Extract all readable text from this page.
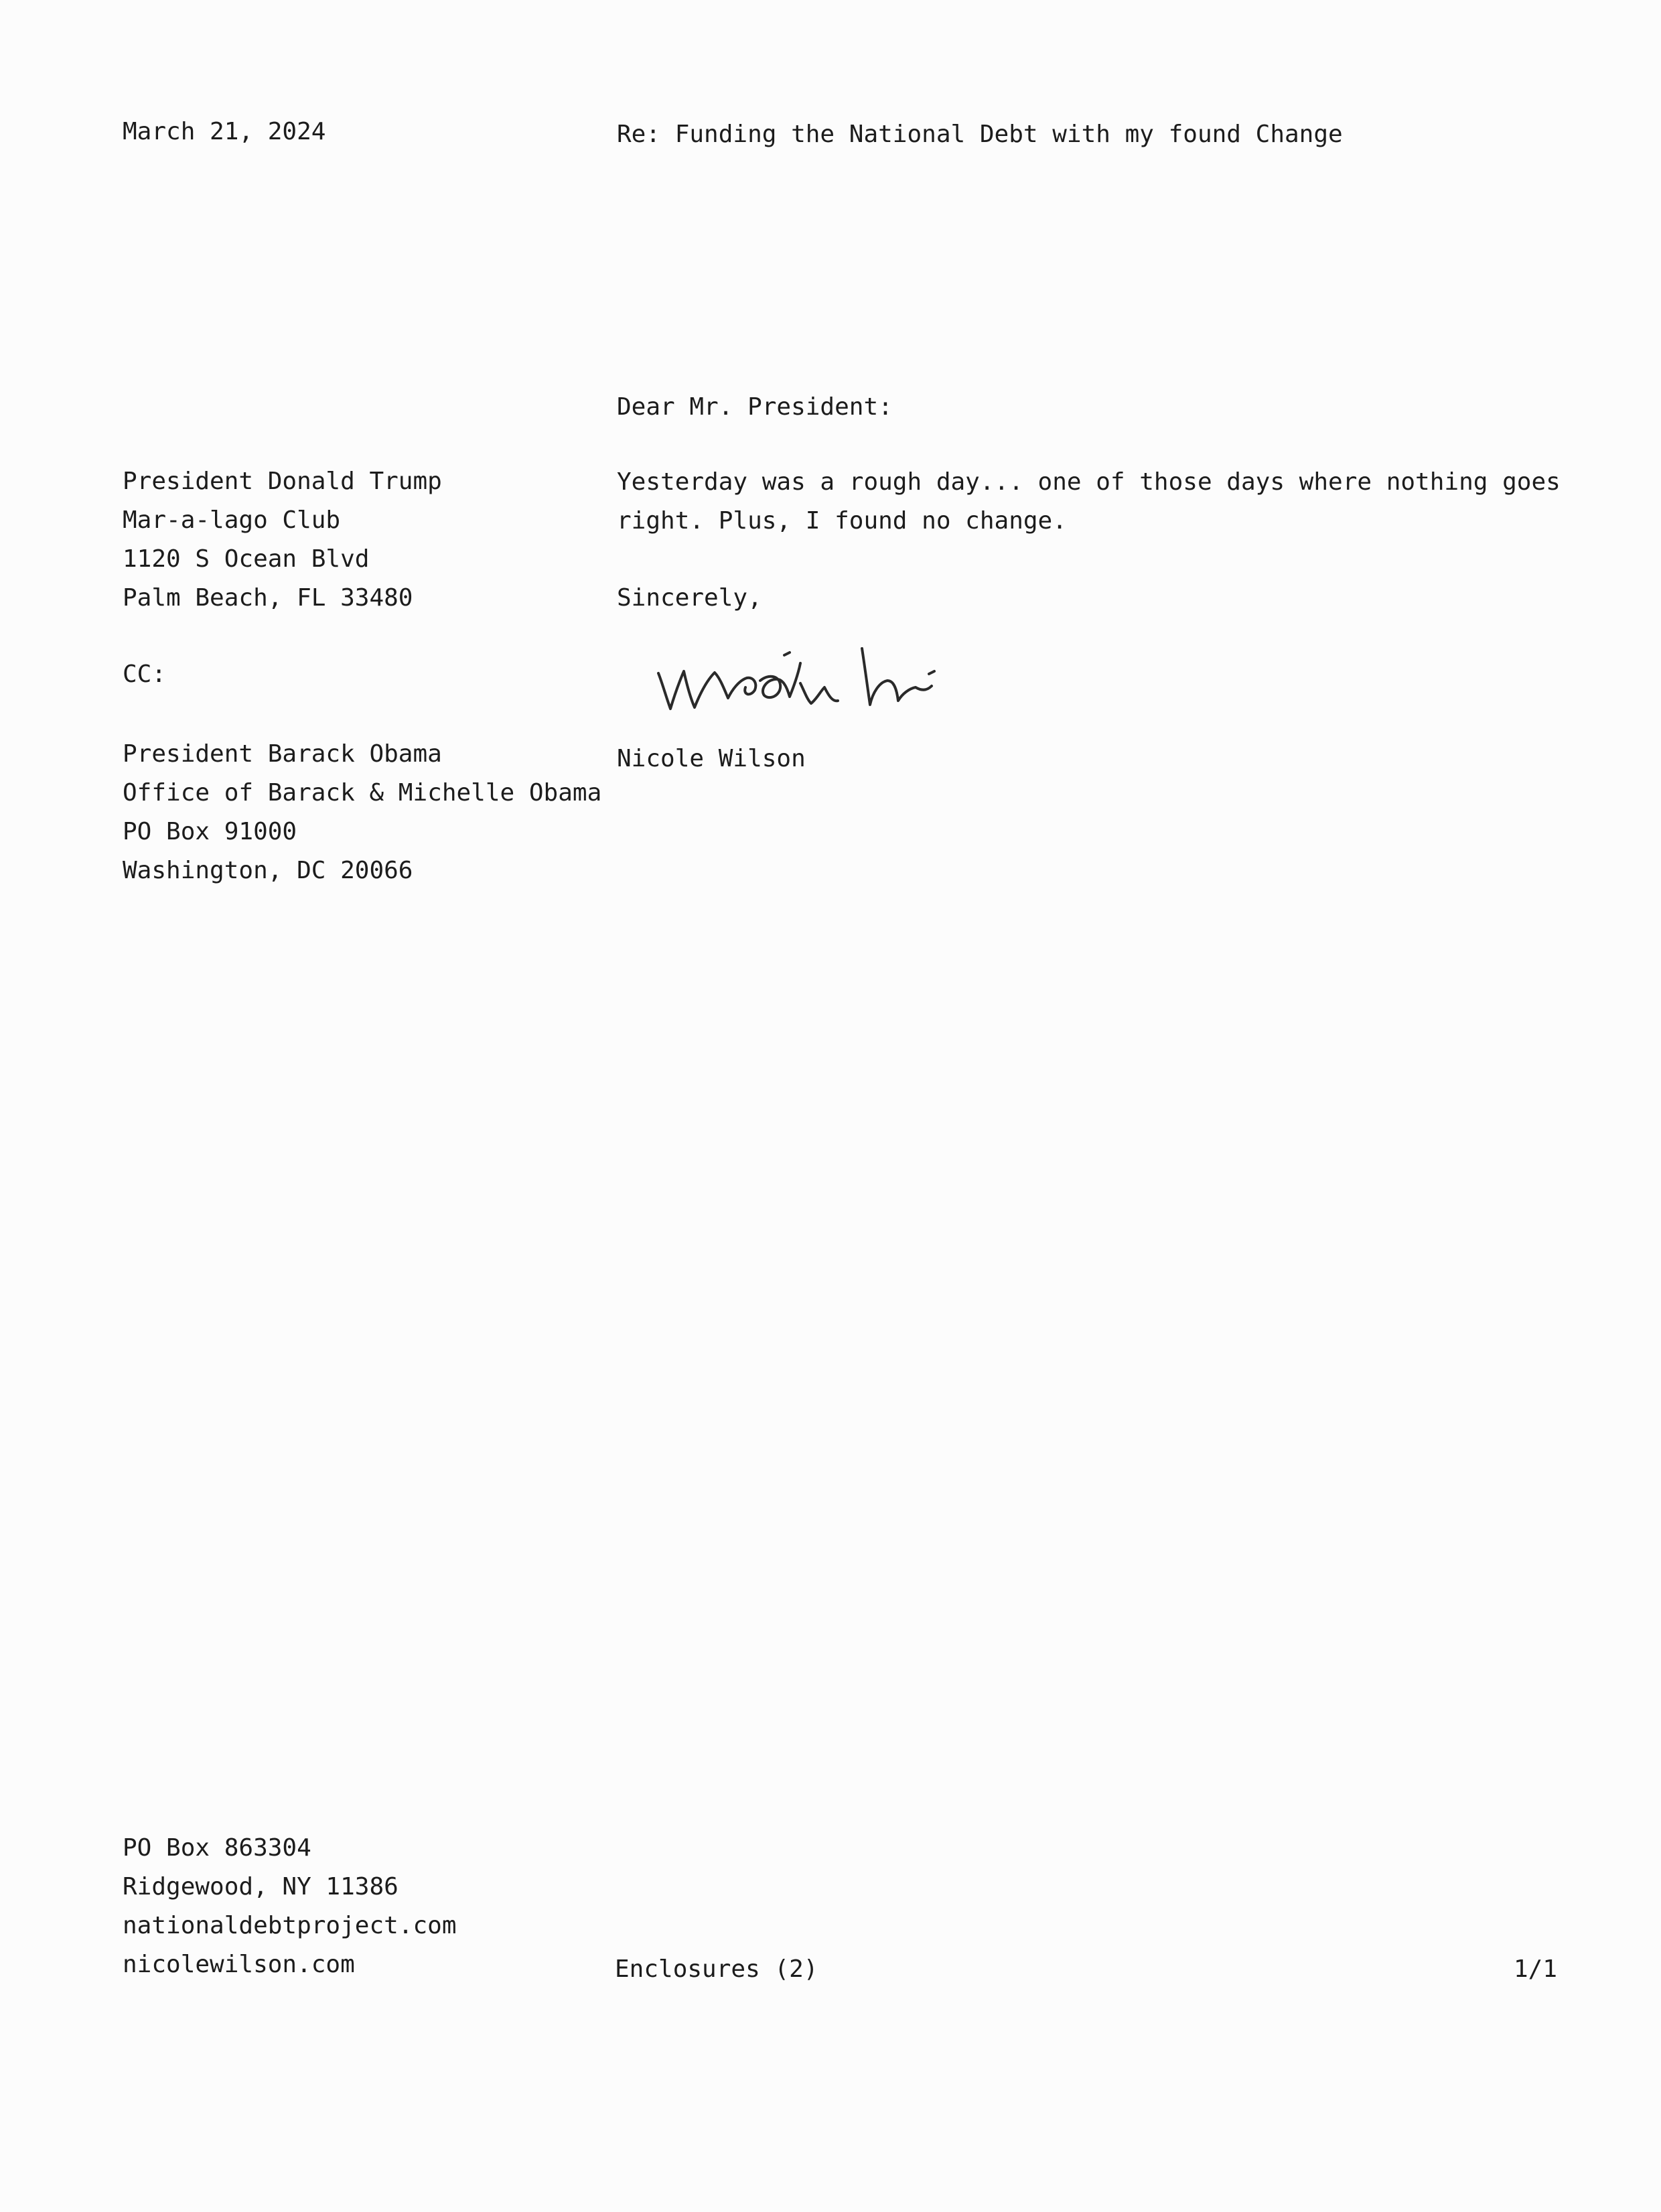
March 21, 2024	Re: Funding the National Debt with my found Change
Dear Mr. President:
President Donald Trump
Mar-a-lago Club
1120 S Ocean Blvd
Palm Beach, FL 33480
Yesterday was a rough day... one of those days where nothing goes
right. Plus, I found no change.
Sincerely,
CC:
President Barack Obama
Office of Barack & Michelle Obama
PO Box 91000
Washington, DC 20066
Nicole Wilson
PO Box 863304
Ridgewood, NY 11386
nationaldebtproject.com
nicolewilson.com	Enclosures (2)	1/1
